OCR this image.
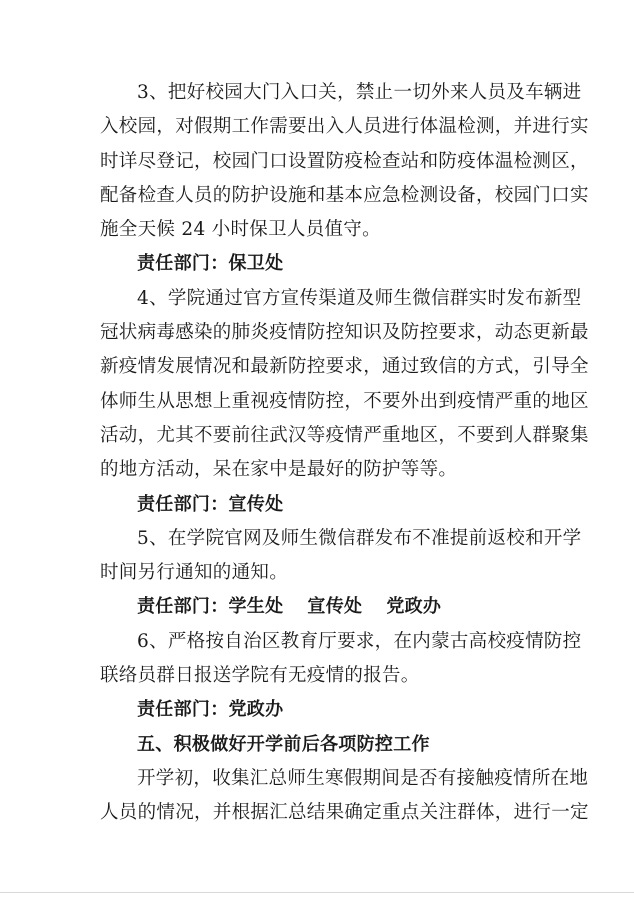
3、把好校园大门入口关，禁止一切外来人员及车辆进
入校园，对假期工作需要出入人员进行体温检测，并进行实
时详尽登记，校园门口设置防疫检查站和防疫体温检测区，
配备检查人员的防护设施和基本应急检测设备，校园门口实
施全天候 24 小时保卫人员值守。
责任部门：保卫处
4、学院通过官方宣传渠道及师生微信群实时发布新型
冠状病毒感染的肺炎疫情防控知识及防控要求，动态更新最
新疫情发展情况和最新防控要求，通过致信的方式，引导全
体师生从思想上重视疫情防控，不要外出到疫情严重的地区
活动，尤其不要前往武汉等疫情严重地区，不要到人群聚集
的地方活动，呆在家中是最好的防护等等。
责任部门：宣传处
5、在学院官网及师生微信群发布不准提前返校和开学
时间另行通知的通知。
责任部门：学生处 宣传处 党政办
6、严格按自治区教育厅要求，在内蒙古高校疫情防控
联络员群日报送学院有无疫情的报告。
责任部门：党政办
五、积极做好开学前后各项防控工作
开学初，收集汇总师生寒假期间是否有接触疫情所在地
人员的情况，并根据汇总结果确定重点关注群体，进行一定
